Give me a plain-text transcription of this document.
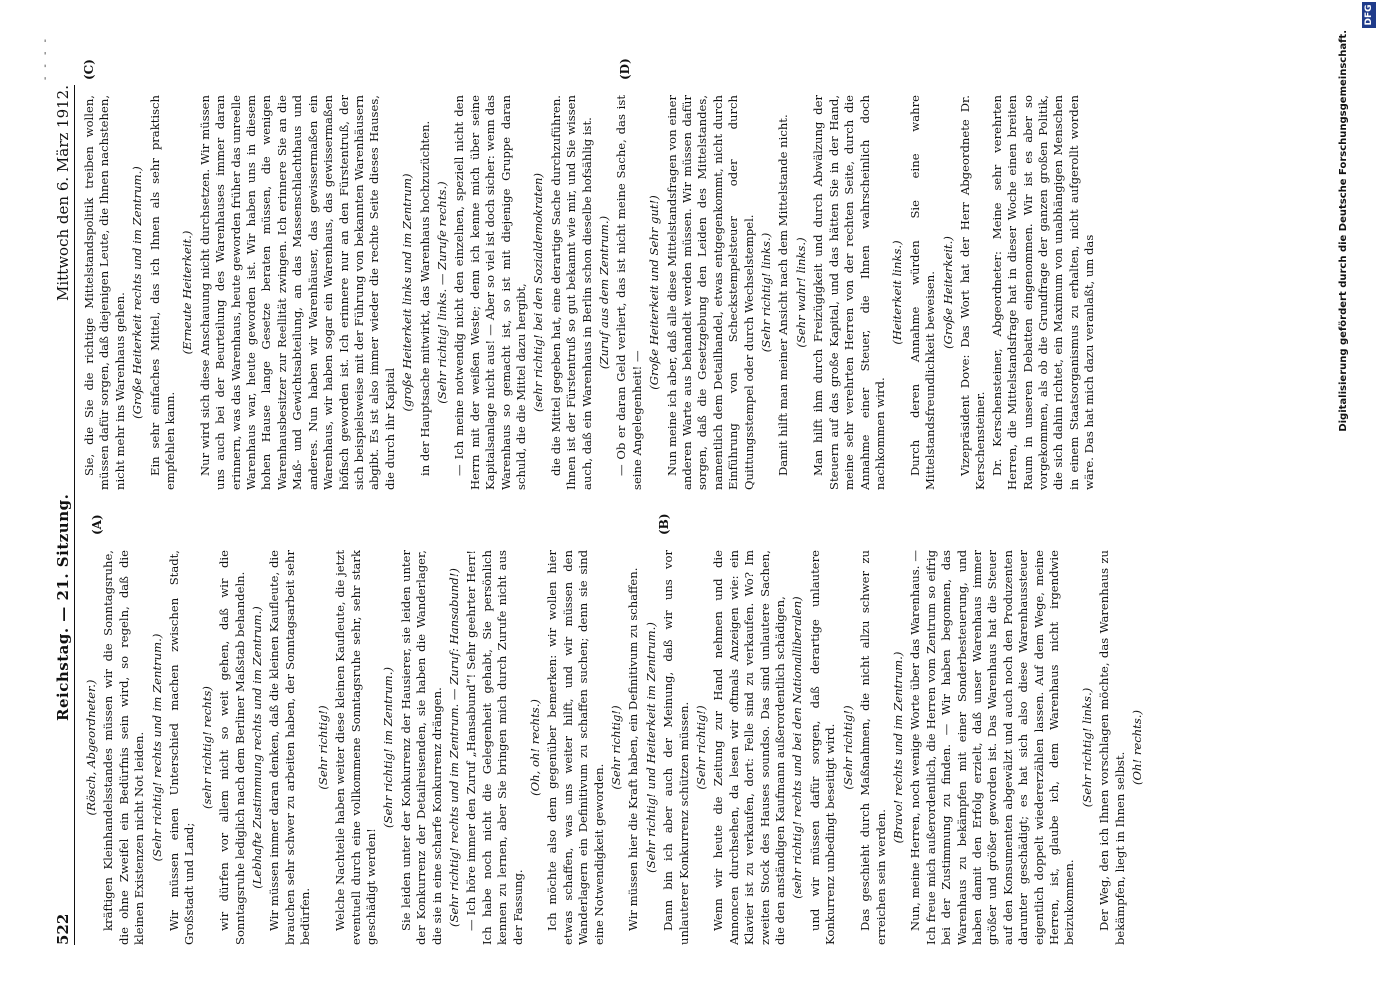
522
Reichstag. — 21. Sitzung.
Mittwoch den 6. März 1912.
- - - -

(Rösch, Abgeordneter.) kräftigen Kleinhandelsstandes müssen wir die Sonntagsruhe, die ohne Zweifel ein Bedürfnis sein wird, so regeln, daß die kleinen Existenzen nicht Not leiden. (Sehr richtig! rechts und im Zentrum.) Wir müssen einen Unterschied machen zwischen Stadt, Großstadt und Land;

(sehr richtig! rechts) wir dürfen vor allem nicht so weit gehen, daß wir die Sonntagsruhe lediglich nach dem Berliner Maßstab behandeln. (Lebhafte Zustimmung rechts und im Zentrum.) Wir müssen immer daran denken, daß die kleinen Kaufleute, die brauchen sehr schwer zu arbeiten haben, der Sonntagsarbeit sehr bedürfen.

(Sehr richtig!) Welche Nachteile haben weiter diese kleinen Kaufleute, die jetzt eventuell durch eine vollkommene Sonntagsruhe sehr, sehr stark geschädigt werden!

(Sehr richtig! im Zentrum.) Sie leiden unter der Konkurrenz der Hausierer, sie leiden unter der Konkurrenz der Detailreisenden, sie haben die Wanderlager, die sie in eine scharfe Konkurrenz drängen. (Sehr richtig! rechts und im Zentrum. — Zuruf: Hansabund!) — Ich höre immer den Zuruf „Hansabund“! Sehr geehrter Herr! Ich habe noch nicht die Gelegenheit gehabt, Sie persönlich kennen zu lernen, aber Sie bringen mich durch Zurufe nicht aus der Fassung.

(Oh, oh! rechts.) Ich möchte also dem gegenüber bemerken: wir wollen hier etwas schaffen, was uns weiter hilft, und wir müssen den Wanderlagern ein Definitivum zu schaffen suchen; denn sie sind eine Notwendigkeit geworden.

(Sehr richtig!) Wir müssen hier die Kraft haben, ein Definitivum zu schaffen. (Sehr richtig! und Heiterkeit im Zentrum.) Dann bin ich aber auch der Meinung, daß wir uns vor unlauterer Konkurrenz schützen müssen. (Sehr richtig!) Wenn wir heute die Zeitung zur Hand nehmen und die Annoncen durchsehen, da lesen wir oftmals Anzeigen wie: ein Klavier ist zu verkaufen, dort: Felle sind zu verkaufen. Wo? Im zweiten Stock des Hauses soundso. Das sind unlautere Sachen, die den anständigen Kaufmann außerordentlich schädigen, (sehr richtig! rechts und bei den Nationalliberalen) und wir müssen dafür sorgen, daß derartige unlautere Konkurrenz unbedingt beseitigt wird. (Sehr richtig!) Das geschieht durch Maßnahmen, die nicht allzu schwer zu erreichen sein werden.

(Bravo! rechts und im Zentrum.) Nun, meine Herren, noch wenige Worte über das Warenhaus. — Ich freue mich außerordentlich, die Herren vom Zentrum so eifrig bei der Zustimmung zu finden. — Wir haben begonnen, das Warenhaus zu bekämpfen mit einer Sonderbesteuerung, und haben damit den Erfolg erzielt, daß unser Warenhaus immer größer und größer geworden ist. Das Warenhaus hat die Steuer auf den Konsumenten abgewälzt und auch noch den Produzenten darunter geschädigt; es hat sich also diese Warenhaussteuer eigentlich doppelt wiedererzählen lassen. Auf dem Wege, meine Herren, ist, glaube ich, dem Warenhaus nicht irgendwie beizukommen.

(Sehr richtig! links.) Der Weg, den ich Ihnen vorschlagen möchte, das Warenhaus zu bekämpfen, liegt in Ihnen selbst.

(Oh! rechts.)

(A)	(B)

Sie, die Sie die richtige Mittelstandspolitik treiben wollen, müssen dafür sorgen, daß diejenigen Leute, die Ihnen nachstehen, nicht mehr ins Warenhaus gehen. (Große Heiterkeit rechts und im Zentrum.) Ein sehr einfaches Mittel, das ich Ihnen als sehr praktisch empfehlen kann.

(Erneute Heiterkeit.) Nur wird sich diese Anschauung nicht durchsetzen. Wir müssen uns auch bei der Beurteilung des Warenhauses immer daran erinnern, was das Warenhaus, heute geworden früher das unreelle Warenhaus war, heute geworden ist. Wir haben uns in diesem hohen Hause lange Gesetze beraten müssen, die wenigen Warenhausbesitzer zur Reellität zwingen. Ich erinnere Sie an die Maß- und Gewichtsabteilung, an das Massenschlachthaus und anderes. Nun haben wir Warenhäuser, das gewissermaßen ein Warenhaus, wir haben sogar ein Warenhaus, das gewissermaßen höfisch geworden ist. Ich erinnere nur an den Fürstentruß, der sich beispielsweise mit der Führung von bekannten Warenhäusern abgibt. Es ist also immer wieder die rechte Seite dieses Hauses, die durch ihr Kapital

(große Heiterkeit links und im Zentrum) in der Hauptsache mitwirkt, das Warenhaus hochzuzüchten. (Sehr richtig! links. — Zurufe rechts.) — Ich meine notwendig nicht den einzelnen, speziell nicht den Herrn mit der weißen Weste; denn ich kenne mich über seine Kapitalsanlage nicht aus! — Aber so viel ist doch sicher: wenn das Warenhaus so gemacht ist, so ist mit diejenige Gruppe daran schuld, die die Mittel dazu hergibt, (sehr richtig! bei den Sozialdemokraten) die die Mittel gegeben hat, eine derartige Sache durchzuführen. Ihnen ist der Fürstentruß so gut bekannt wie mir, und Sie wissen auch, daß ein Warenhaus in Berlin schon dieselbe hofsählig ist. (Zuruf aus dem Zentrum.) — Ob er daran Geld verliert, das ist nicht meine Sache, das ist seine Angelegenheit! —

(Große Heiterkeit und Sehr gut!) Nun meine ich aber, daß alle diese Mittelstandsfragen von einer anderen Warte aus behandelt werden müssen. Wir müssen dafür sorgen, daß die Gesetzgebung den Leiden des Mittelstandes, namentlich dem Detailhandel, etwas entgegenkommt, nicht durch Einführung von Scheckstempelsteuer oder durch Quittungsstempel oder durch Wechselstempel. (Sehr richtig! links.) Damit hilft man meiner Ansicht nach dem Mittelstande nicht. (Sehr wahr! links.) Man hilft ihm durch Freizügigkeit und durch Abwälzung der Steuern auf das große Kapital, und das hätten Sie in der Hand, meine sehr verehrten Herren von der rechten Seite, durch die Annahme einer Steuer, die Ihnen wahrscheinlich doch nachkommen wird.

(Heiterkeit links.) Durch deren Annahme würden Sie eine wahre Mittelstandsfreundlichkeit beweisen. (Große Heiterkeit.) Vizepräsident Dove: Das Wort hat der Herr Abgeordnete Dr. Kerschensteiner. Dr. Kerschensteiner, Abgeordneter: Meine sehr verehrten Herren, die Mittelstandsfrage hat in dieser Woche einen breiten Raum in unseren Debatten eingenommen. Wir ist es aber so vorgekommen, als ob die Grundfrage der ganzen großen Politik, die sich dahin richtet, ein Maximum von unabhängigen Menschen in einem Staatsorganismus zu erhalten, nicht aufgerollt worden wäre. Das hat mich dazu veranlaßt, um das

(C)	(D)	Digitalisierung gefördert durch die Deutsche Forschungsgemeinschaft.
DFG
